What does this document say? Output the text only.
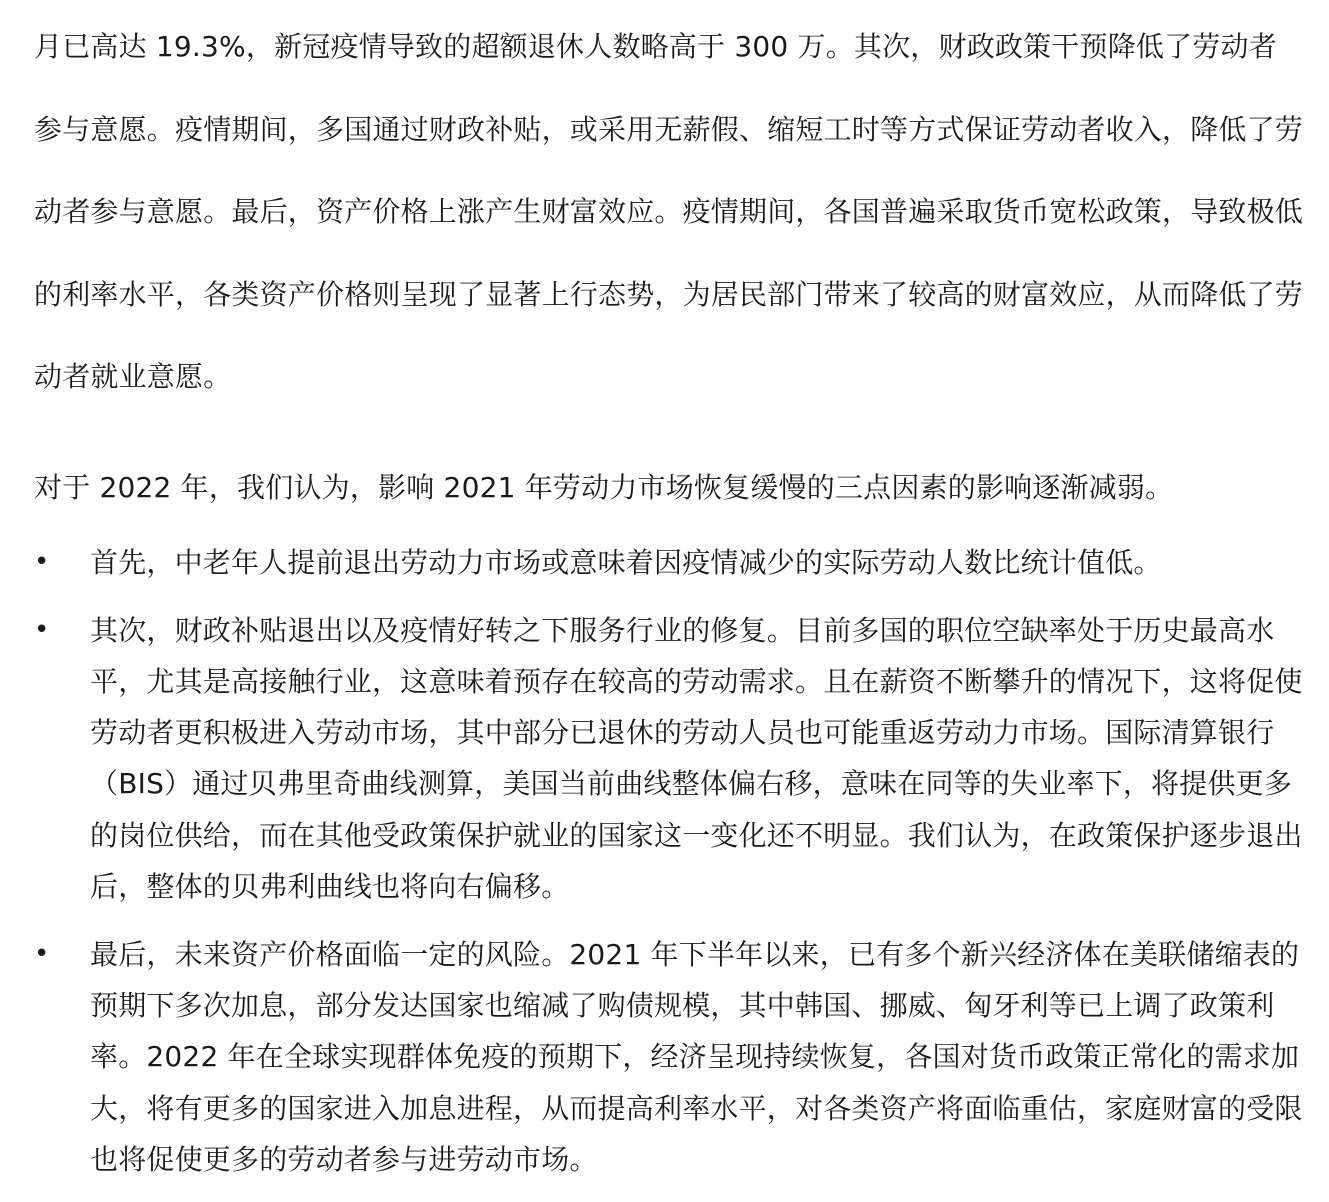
月已高达 19.3%，新冠疫情导致的超额退休人数略高于 300 万。其次，财政政策干预降低了劳动者参与意愿。疫情期间，多国通过财政补贴，或采用无薪假、缩短工时等方式保证劳动者收入，降低了劳动者参与意愿。最后，资产价格上涨产生财富效应。疫情期间，各国普遍采取货币宽松政策，导致极低的利率水平，各类资产价格则呈现了显著上行态势，为居民部门带来了较高的财富效应，从而降低了劳动者就业意愿。

对于 2022 年，我们认为，影响 2021 年劳动力市场恢复缓慢的三点因素的影响逐渐减弱。

• 首先，中老年人提前退出劳动力市场或意味着因疫情减少的实际劳动人数比统计值低。
• 其次，财政补贴退出以及疫情好转之下服务行业的修复。目前多国的职位空缺率处于历史最高水平，尤其是高接触行业，这意味着预存在较高的劳动需求。且在薪资不断攀升的情况下，这将促使劳动者更积极进入劳动市场，其中部分已退休的劳动人员也可能重返劳动力市场。国际清算银行（BIS）通过贝弗里奇曲线测算，美国当前曲线整体偏右移，意味在同等的失业率下，将提供更多的岗位供给，而在其他受政策保护就业的国家这一变化还不明显。我们认为，在政策保护逐步退出后，整体的贝弗利曲线也将向右偏移。
• 最后，未来资产价格面临一定的风险。2021 年下半年以来，已有多个新兴经济体在美联储缩表的预期下多次加息，部分发达国家也缩减了购债规模，其中韩国、挪威、匈牙利等已上调了政策利率。2022 年在全球实现群体免疫的预期下，经济呈现持续恢复，各国对货币政策正常化的需求加大，将有更多的国家进入加息进程，从而提高利率水平，对各类资产将面临重估，家庭财富的受限也将促使更多的劳动者参与进劳动市场。
